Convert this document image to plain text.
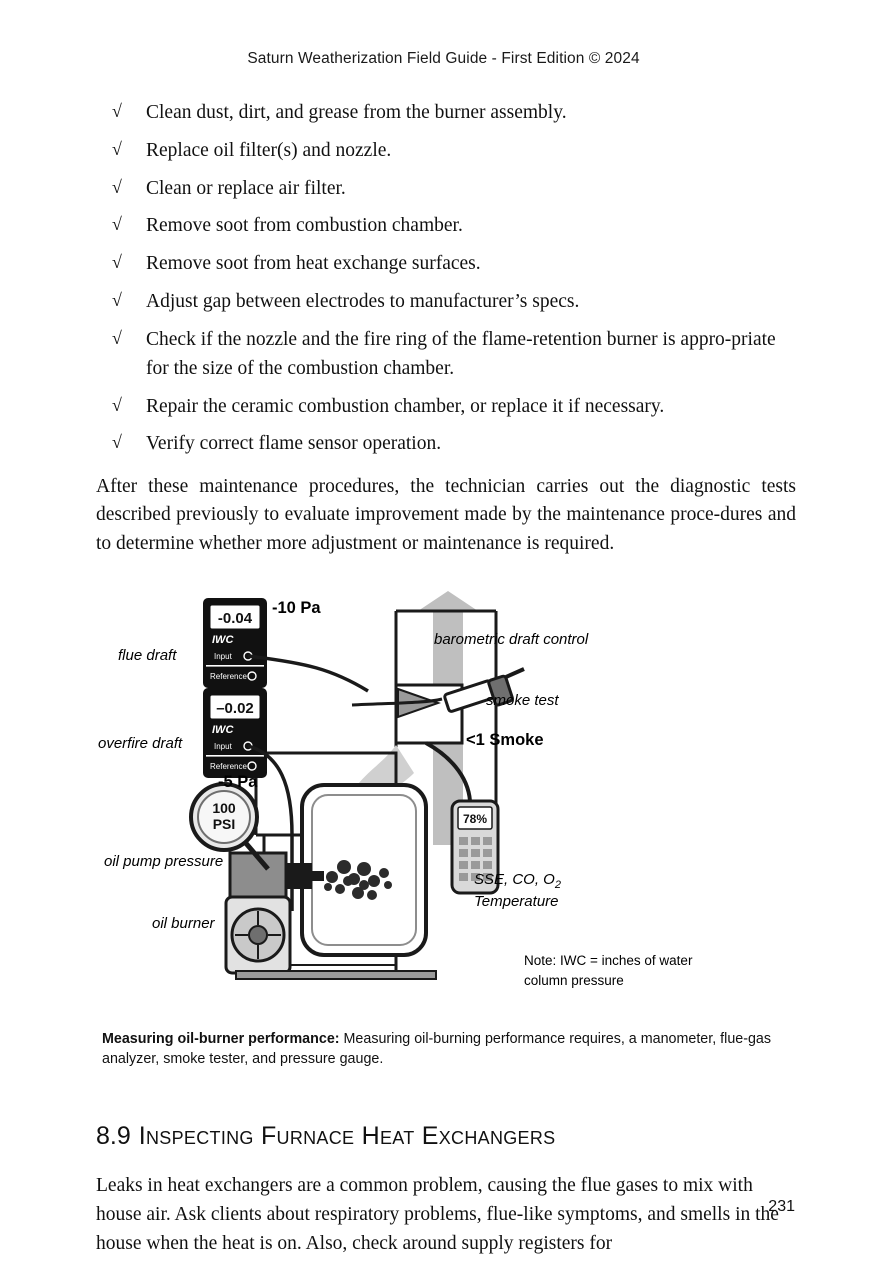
Saturn Weatherization Field Guide - First Edition © 2024
√ Clean dust, dirt, and grease from the burner assembly.
√ Replace oil filter(s) and nozzle.
√ Clean or replace air filter.
√ Remove soot from combustion chamber.
√ Remove soot from heat exchange surfaces.
√ Adjust gap between electrodes to manufacturer’s specs.
√ Check if the nozzle and the fire ring of the flame-retention burner is appro-priate for the size of the combustion chamber.
√ Repair the ceramic combustion chamber, or replace it if necessary.
√ Verify correct flame sensor operation.

After these maintenance procedures, the technician carries out the diagnostic tests described previously to evaluate improvement made by the maintenance proce-dures and to determine whether more adjustment or maintenance is required.

100
PSI
-0.04
IWC
Input
Reference
–0.02
IWC
Input
Reference
78%
flue draft
-10 Pa
overfire draft
-5 Pa
barometric draft control
smoke test
<1 Smoke
oil pump pressure
oil burner
SSE, CO, $O_2$
Temperature
Note: IWC = inches of water
column pressure
Measuring oil-burner performance: Measuring oil-burning performance requires, a manometer, flue-gas analyzer, smoke tester, and pressure gauge.
8.9 Inspecting Furnace Heat Exchangers

Leaks in heat exchangers are a common problem, causing the flue gases to mix with house air. Ask clients about respiratory problems, flue-like symptoms, and smells in the house when the heat is on. Also, check around supply registers for

231
